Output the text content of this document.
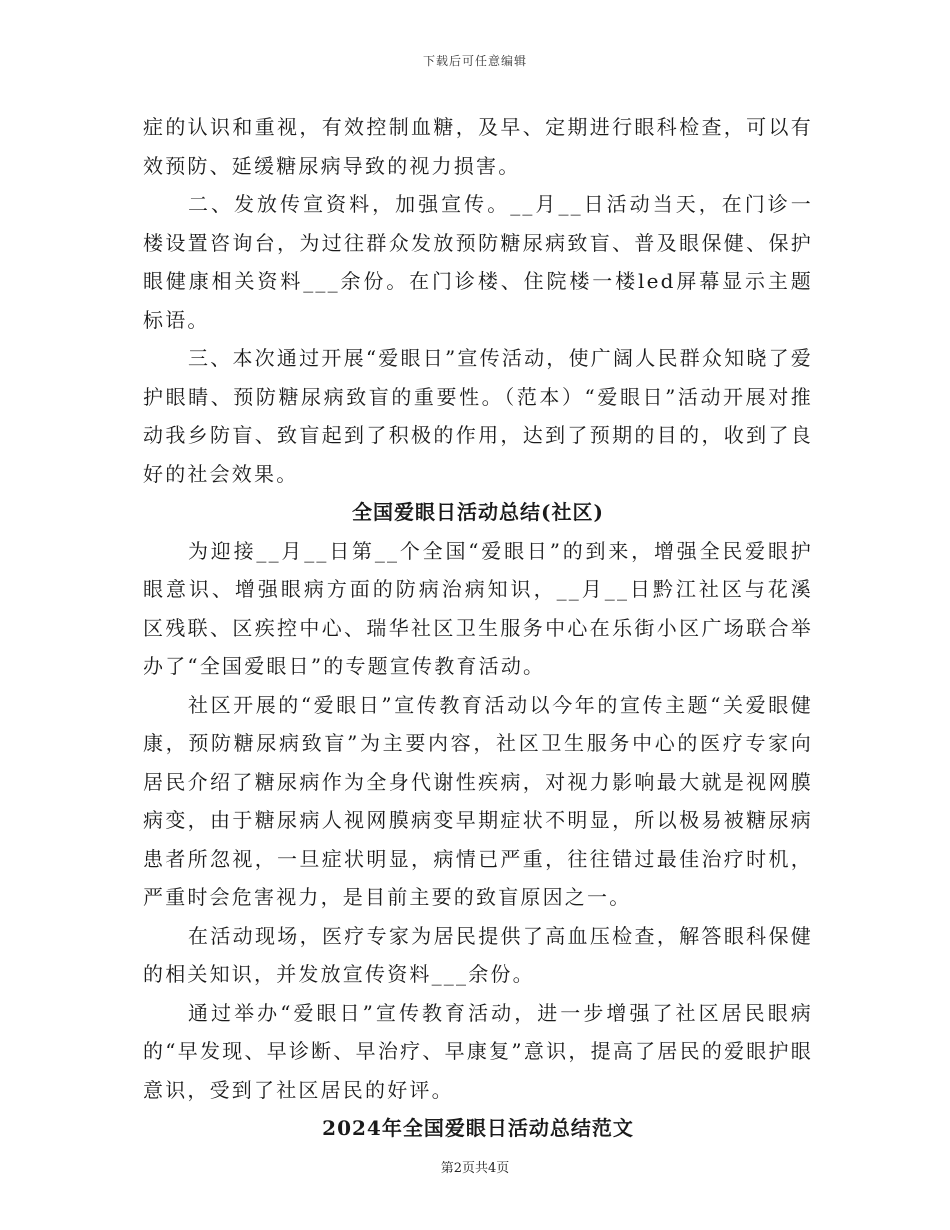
下载后可任意编辑

症的认识和重视，有效控制血糖，及早、定期进行眼科检查，可以有效预防、延缓糖尿病导致的视力损害。

二、发放传宣资料，加强宣传。__月__日活动当天，在门诊一楼设置咨询台，为过往群众发放预防糖尿病致盲、普及眼保健、保护眼健康相关资料___余份。在门诊楼、住院楼一楼led屏幕显示主题标语。

三、本次通过开展“爱眼日”宣传活动，使广阔人民群众知晓了爱护眼睛、预防糖尿病致盲的重要性。（范本）“爱眼日”活动开展对推动我乡防盲、致盲起到了积极的作用，达到了预期的目的，收到了良好的社会效果。

全国爱眼日活动总结(社区)

为迎接__月__日第__个全国“爱眼日”的到来，增强全民爱眼护眼意识、增强眼病方面的防病治病知识，__月__日黔江社区与花溪区残联、区疾控中心、瑞华社区卫生服务中心在乐街小区广场联合举办了“全国爱眼日”的专题宣传教育活动。

社区开展的“爱眼日”宣传教育活动以今年的宣传主题“关爱眼健康，预防糖尿病致盲”为主要内容，社区卫生服务中心的医疗专家向居民介绍了糖尿病作为全身代谢性疾病，对视力影响最大就是视网膜病变，由于糖尿病人视网膜病变早期症状不明显，所以极易被糖尿病患者所忽视，一旦症状明显，病情已严重，往往错过最佳治疗时机，严重时会危害视力，是目前主要的致盲原因之一。

在活动现场，医疗专家为居民提供了高血压检查，解答眼科保健的相关知识，并发放宣传资料___余份。

通过举办“爱眼日”宣传教育活动，进一步增强了社区居民眼病的“早发现、早诊断、早治疗、早康复”意识，提高了居民的爱眼护眼意识，受到了社区居民的好评。

2024年全国爱眼日活动总结范文
第2页共4页
